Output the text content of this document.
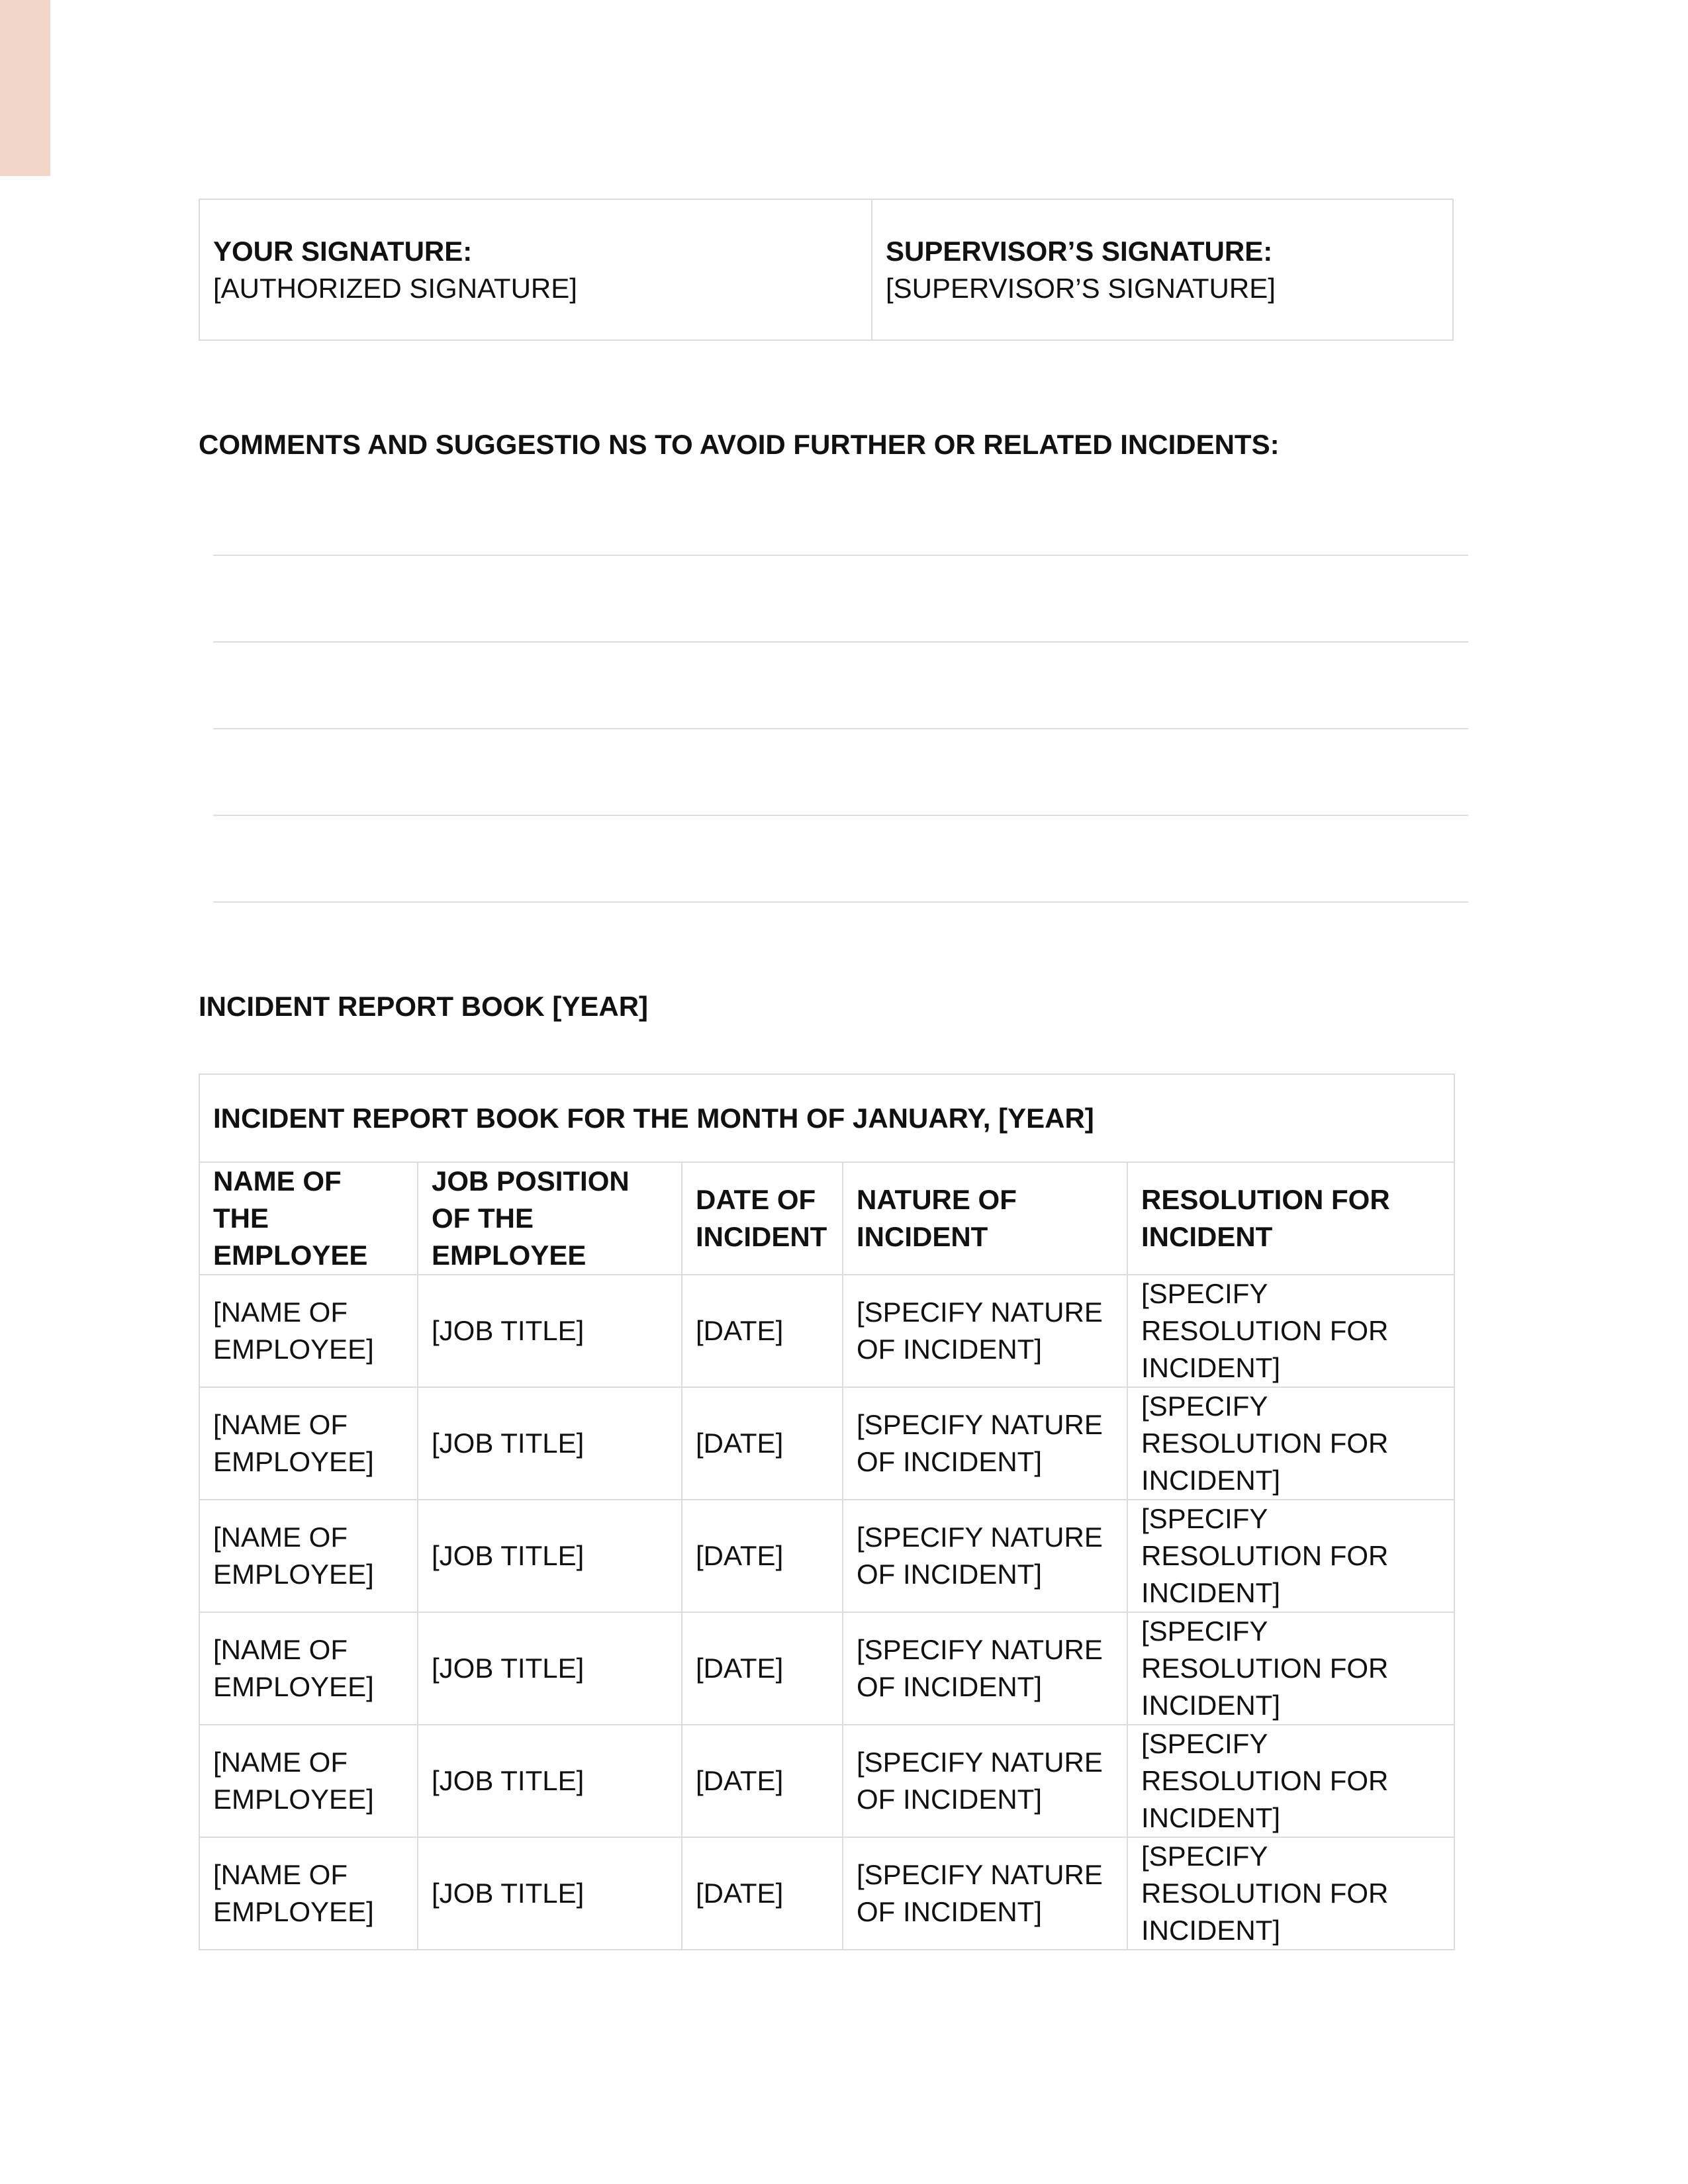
YOUR SIGNATURE:
[AUTHORIZED SIGNATURE]

SUPERVISOR’S SIGNATURE:
[SUPERVISOR’S SIGNATURE]
COMMENTS AND SUGGESTIO NS TO AVOID FURTHER OR RELATED INCIDENTS:
INCIDENT REPORT BOOK [YEAR]
INCIDENT REPORT BOOK FOR THE MONTH OF JANUARY, [YEAR]				
NAME OF THE EMPLOYEE	JOB POSITION OF THE EMPLOYEE	DATE OF INCIDENT	NATURE OF INCIDENT	RESOLUTION FOR INCIDENT
[NAME OF EMPLOYEE]	[JOB TITLE]	[DATE]	[SPECIFY NATURE OF INCIDENT]	[SPECIFY RESOLUTION FOR INCIDENT]
[NAME OF EMPLOYEE]	[JOB TITLE]	[DATE]	[SPECIFY NATURE OF INCIDENT]	[SPECIFY RESOLUTION FOR INCIDENT]
[NAME OF EMPLOYEE]	[JOB TITLE]	[DATE]	[SPECIFY NATURE OF INCIDENT]	[SPECIFY RESOLUTION FOR INCIDENT]
[NAME OF EMPLOYEE]	[JOB TITLE]	[DATE]	[SPECIFY NATURE OF INCIDENT]	[SPECIFY RESOLUTION FOR INCIDENT]
[NAME OF EMPLOYEE]	[JOB TITLE]	[DATE]	[SPECIFY NATURE OF INCIDENT]	[SPECIFY RESOLUTION FOR INCIDENT]
[NAME OF EMPLOYEE]	[JOB TITLE]	[DATE]	[SPECIFY NATURE OF INCIDENT]	[SPECIFY RESOLUTION FOR INCIDENT]
